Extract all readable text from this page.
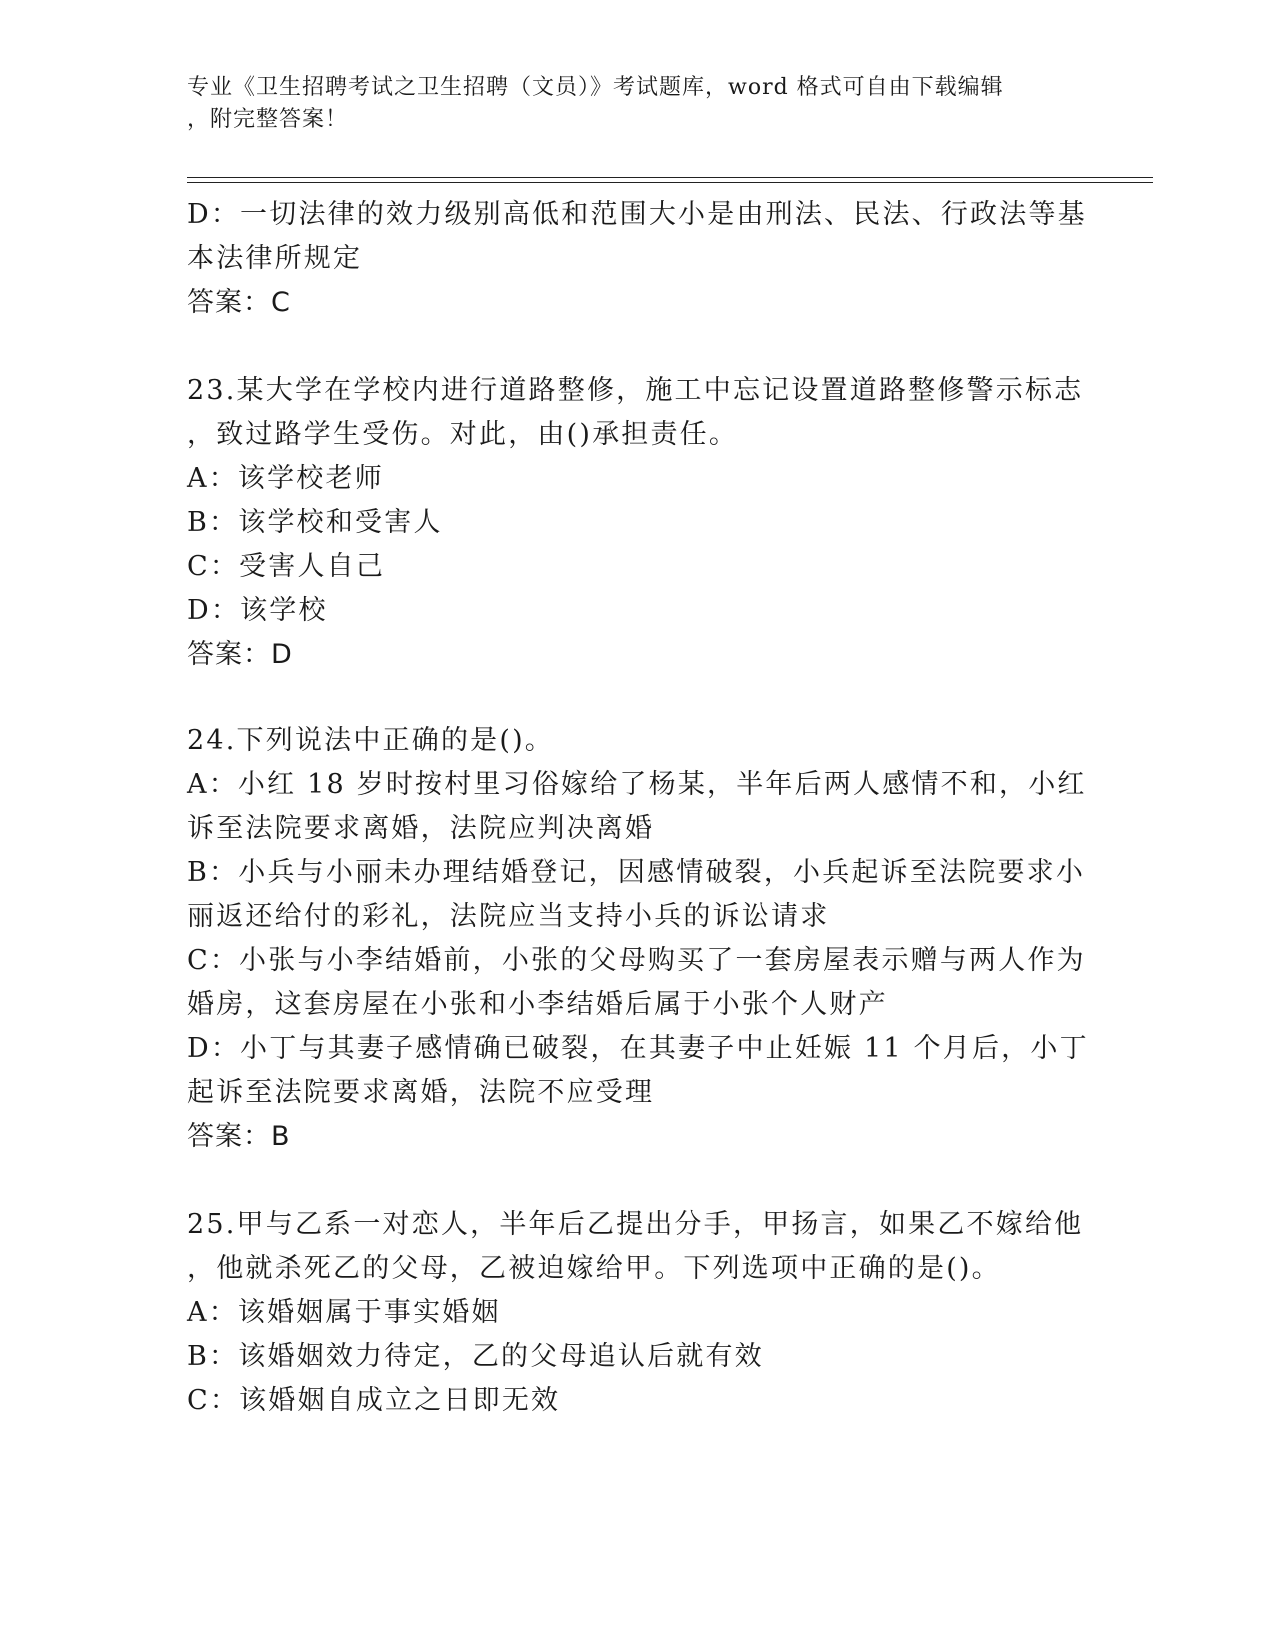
专业《卫生招聘考试之卫生招聘（文员）》考试题库，word 格式可自由下载编辑
，附完整答案！
D：一切法律的效力级别高低和范围大小是由刑法、民法、行政法等基
本法律所规定
答案：C
23.某大学在学校内进行道路整修，施工中忘记设置道路整修警示标志
，致过路学生受伤。对此，由()承担责任。
A：该学校老师
B：该学校和受害人
C：受害人自己
D：该学校
答案：D
24.下列说法中正确的是()。
A：小红 18 岁时按村里习俗嫁给了杨某，半年后两人感情不和，小红
诉至法院要求离婚，法院应判决离婚
B：小兵与小丽未办理结婚登记，因感情破裂，小兵起诉至法院要求小
丽返还给付的彩礼，法院应当支持小兵的诉讼请求
C：小张与小李结婚前，小张的父母购买了一套房屋表示赠与两人作为
婚房，这套房屋在小张和小李结婚后属于小张个人财产
D：小丁与其妻子感情确已破裂，在其妻子中止妊娠 11 个月后，小丁
起诉至法院要求离婚，法院不应受理
答案：B
25.甲与乙系一对恋人，半年后乙提出分手，甲扬言，如果乙不嫁给他
，他就杀死乙的父母，乙被迫嫁给甲。下列选项中正确的是()。
A：该婚姻属于事实婚姻
B：该婚姻效力待定，乙的父母追认后就有效
C：该婚姻自成立之日即无效
